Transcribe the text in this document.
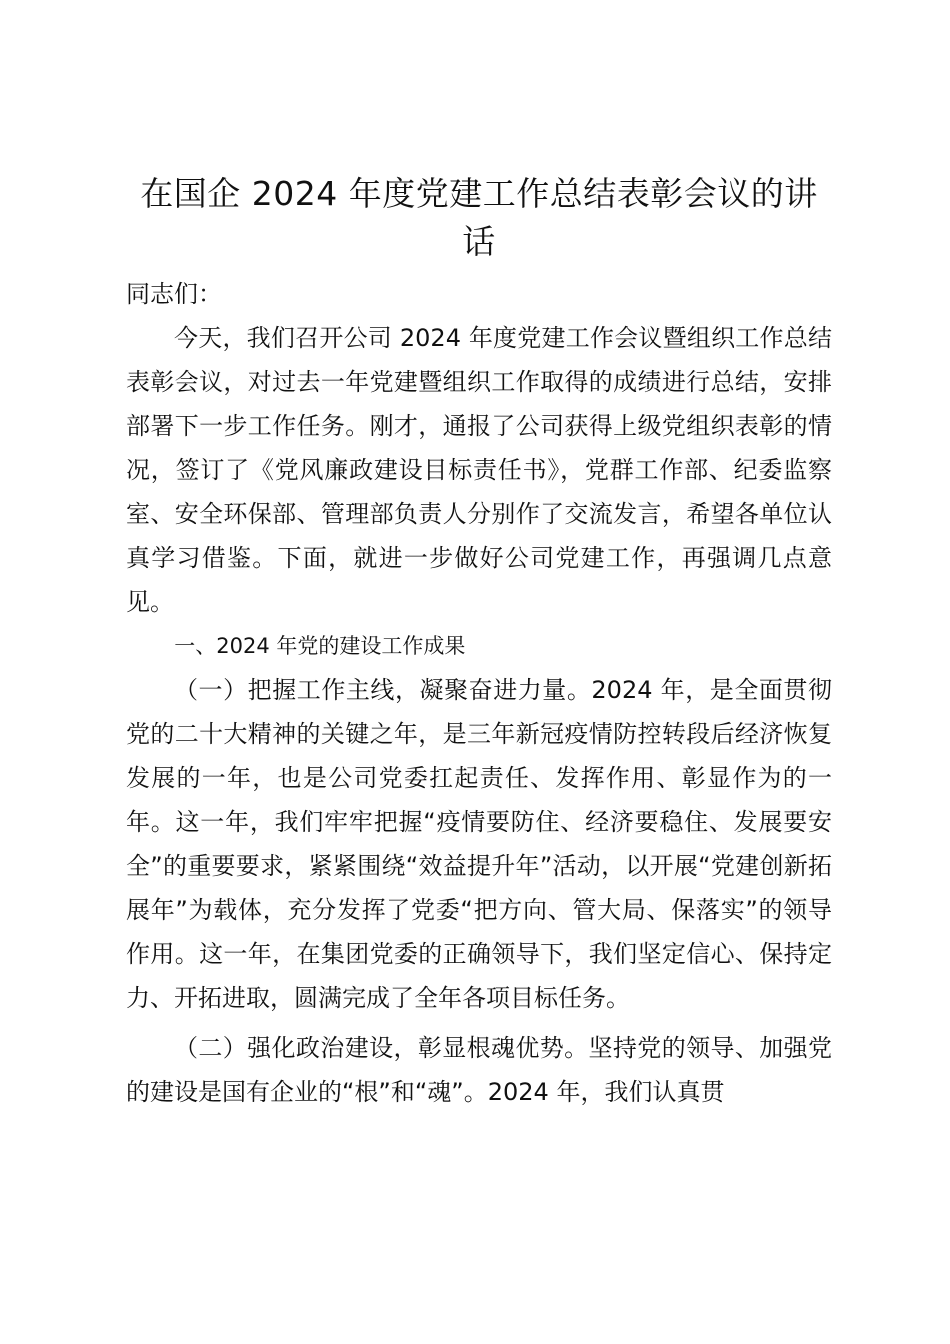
在国企 2024 年度党建工作总结表彰会议的讲话

同志们：

今天，我们召开公司 2024 年度党建工作会议暨组织工作总结表彰会议，对过去一年党建暨组织工作取得的成绩进行总结，安排部署下一步工作任务。刚才，通报了公司获得上级党组织表彰的情况，签订了《党风廉政建设目标责任书》，党群工作部、纪委监察室、安全环保部、管理部负责人分别作了交流发言，希望各单位认真学习借鉴。下面，就进一步做好公司党建工作，再强调几点意见。

一、2024 年党的建设工作成果

（一）把握工作主线，凝聚奋进力量。2024 年，是全面贯彻党的二十大精神的关键之年，是三年新冠疫情防控转段后经济恢复发展的一年，也是公司党委扛起责任、发挥作用、彰显作为的一年。这一年，我们牢牢把握“疫情要防住、经济要稳住、发展要安全”的重要要求，紧紧围绕“效益提升年”活动，以开展“党建创新拓展年”为载体，充分发挥了党委“把方向、管大局、保落实”的领导作用。这一年，在集团党委的正确领导下，我们坚定信心、保持定力、开拓进取，圆满完成了全年各项目标任务。

（二）强化政治建设，彰显根魂优势。坚持党的领导、加强党的建设是国有企业的“根”和“魂”。2024 年，我们认真贯
